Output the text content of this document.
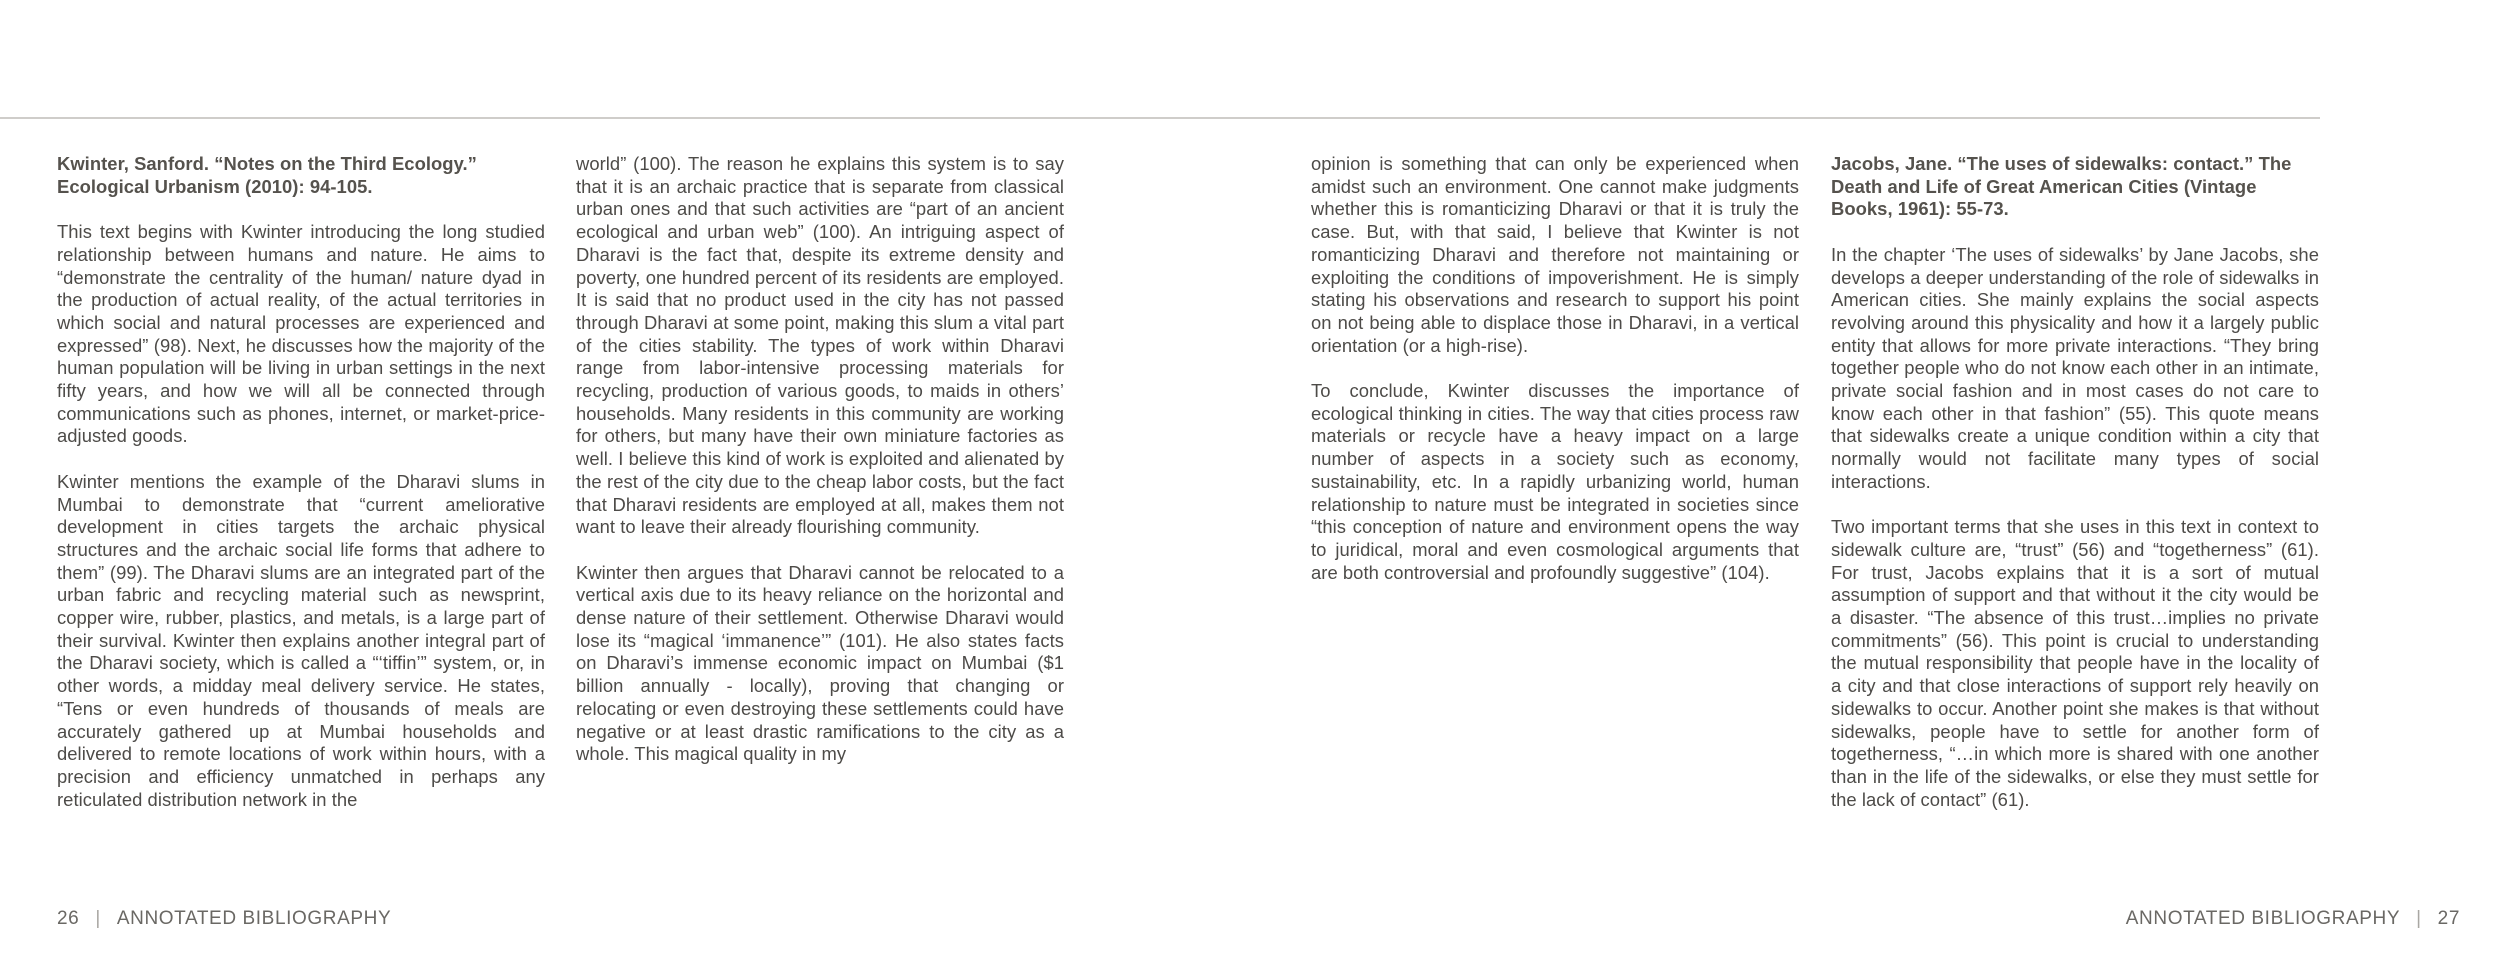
Kwinter, Sanford. “Notes on the Third Ecology.” Ecological Urbanism (2010): 94-105.

This text begins with Kwinter introducing the long studied relationship between humans and nature. He aims to “demonstrate the centrality of the human/ nature dyad in the production of actual reality, of the actual territories in which social and natural processes are experienced and expressed” (98). Next, he discusses how the majority of the human population will be living in urban settings in the next fifty years, and how we will all be connected through communications such as phones, internet, or market-price-adjusted goods.

Kwinter mentions the example of the Dharavi slums in Mumbai to demonstrate that “current ameliorative development in cities targets the archaic physical structures and the archaic social life forms that adhere to them” (99). The Dharavi slums are an integrated part of the urban fabric and recycling material such as newsprint, copper wire, rubber, plastics, and metals, is a large part of their survival. Kwinter then explains another integral part of the Dharavi society, which is called a “‘tiffin’” system, or, in other words, a midday meal delivery service. He states, “Tens or even hundreds of thousands of meals are accurately gathered up at Mumbai households and delivered to remote locations of work within hours, with a precision and efficiency unmatched in perhaps any reticulated distribution network in the

world” (100). The reason he explains this system is to say that it is an archaic practice that is separate from classical urban ones and that such activities are “part of an ancient ecological and urban web” (100). An intriguing aspect of Dharavi is the fact that, despite its extreme density and poverty, one hundred percent of its residents are employed. It is said that no product used in the city has not passed through Dharavi at some point, making this slum a vital part of the cities stability. The types of work within Dharavi range from labor-intensive processing materials for recycling, production of various goods, to maids in others’ households. Many residents in this community are working for others, but many have their own miniature factories as well. I believe this kind of work is exploited and alienated by the rest of the city due to the cheap labor costs, but the fact that Dharavi residents are employed at all, makes them not want to leave their already flourishing community.

Kwinter then argues that Dharavi cannot be relocated to a vertical axis due to its heavy reliance on the horizontal and dense nature of their settlement. Otherwise Dharavi would lose its “magical ‘immanence’” (101). He also states facts on Dharavi’s immense economic impact on Mumbai ($1 billion annually - locally), proving that changing or relocating or even destroying these settlements could have negative or at least drastic ramifications to the city as a whole. This magical quality in my

opinion is something that can only be experienced when amidst such an environment. One cannot make judgments whether this is romanticizing Dharavi or that it is truly the case. But, with that said, I believe that Kwinter is not romanticizing Dharavi and therefore not maintaining or exploiting the conditions of impoverishment. He is simply stating his observations and research to support his point on not being able to displace those in Dharavi, in a vertical orientation (or a high-rise).

To conclude, Kwinter discusses the importance of ecological thinking in cities. The way that cities process raw materials or recycle have a heavy impact on a large number of aspects in a society such as economy, sustainability, etc. In a rapidly urbanizing world, human relationship to nature must be integrated in societies since “this conception of nature and environment opens the way to juridical, moral and even cosmological arguments that are both controversial and profoundly suggestive” (104).

Jacobs, Jane. “The uses of sidewalks: contact.” The Death and Life of Great American Cities (Vintage Books, 1961): 55-73.

In the chapter ‘The uses of sidewalks’ by Jane Jacobs, she develops a deeper understanding of the role of sidewalks in American cities. She mainly explains the social aspects revolving around this physicality and how it a largely public entity that allows for more private interactions. “They bring together people who do not know each other in an intimate, private social fashion and in most cases do not care to know each other in that fashion” (55). This quote means that sidewalks create a unique condition within a city that normally would not facilitate many types of social interactions.

Two important terms that she uses in this text in context to sidewalk culture are, “trust” (56) and “togetherness” (61). For trust, Jacobs explains that it is a sort of mutual assumption of support and that without it the city would be a disaster. “The absence of this trust…implies no private commitments” (56). This point is crucial to understanding the mutual responsibility that people have in the locality of a city and that close interactions of support rely heavily on sidewalks to occur. Another point she makes is that without sidewalks, people have to settle for another form of togetherness, “…in which more is shared with one another than in the life of the sidewalks, or else they must settle for the lack of contact” (61).

26 | ANNOTATED BIBLIOGRAPHY	ANNOTATED BIBLIOGRAPHY | 27
